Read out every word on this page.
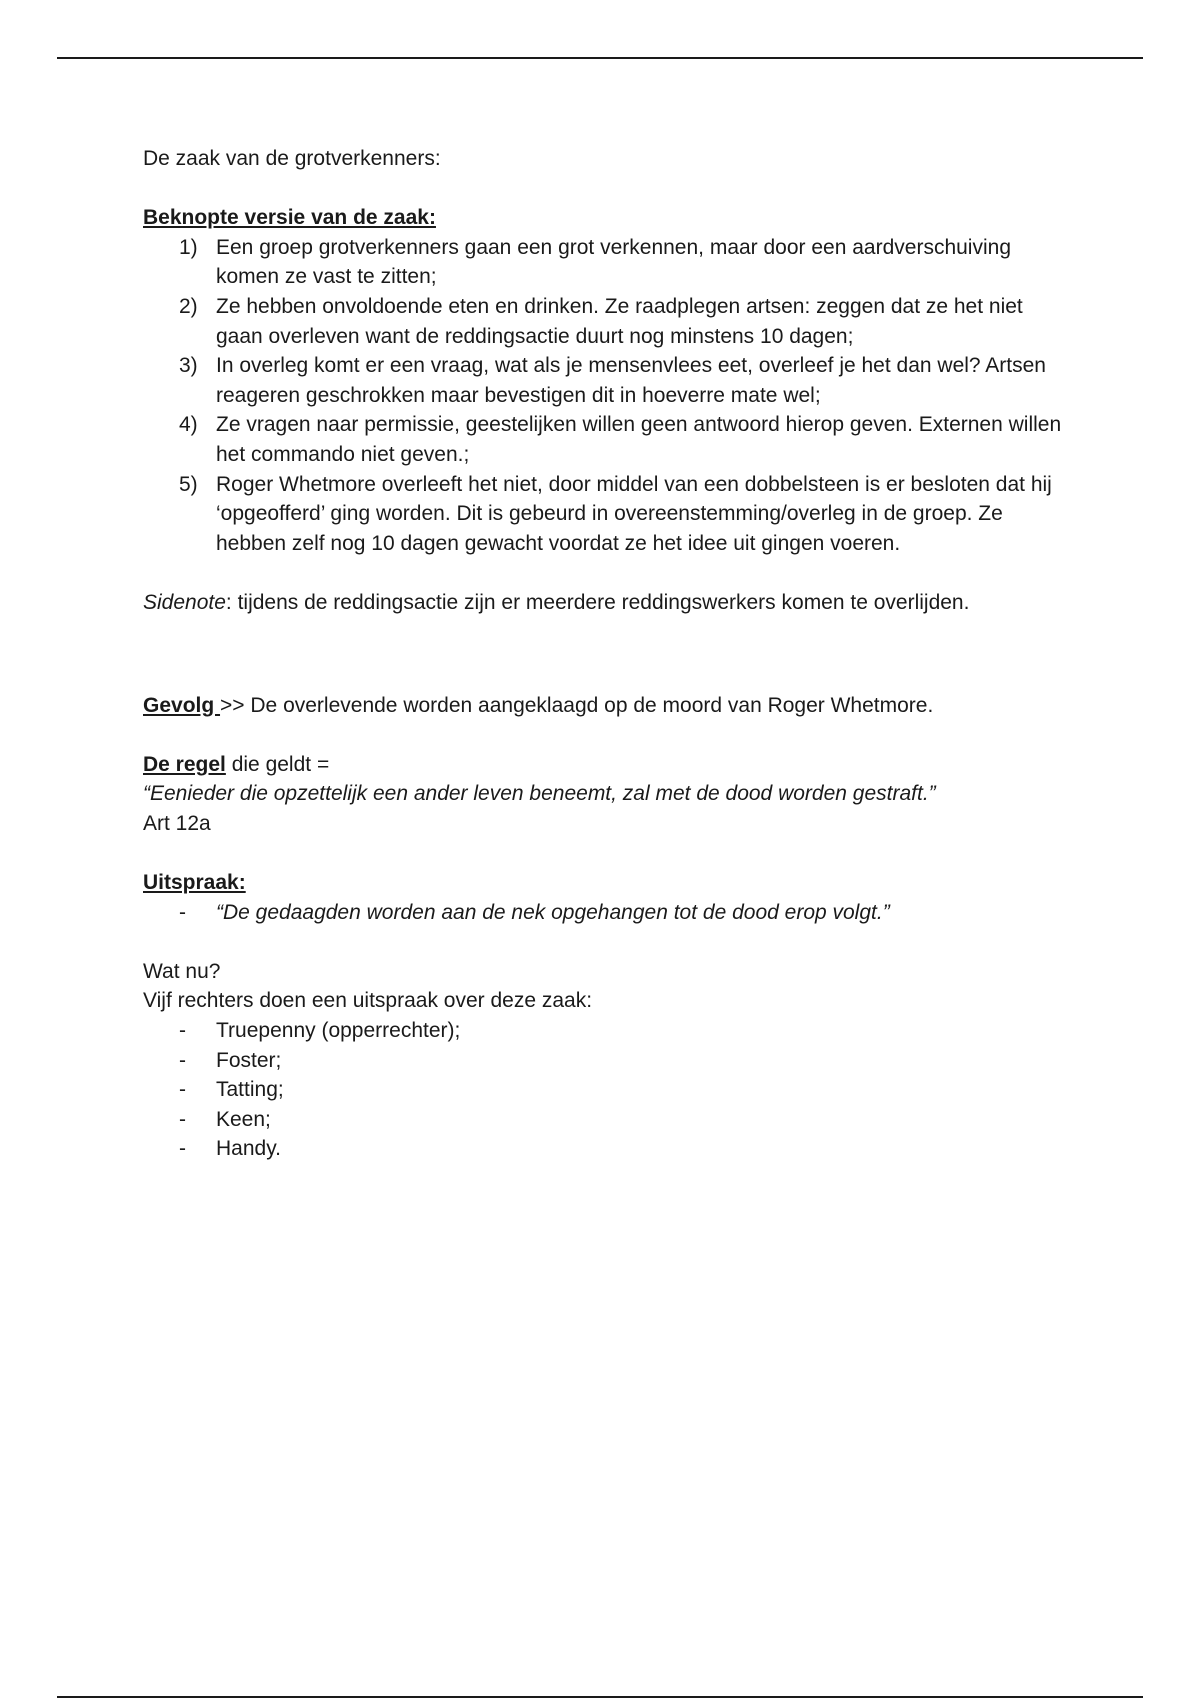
De zaak van de grotverkenners:

Beknopte versie van de zaak:

1) Een groep grotverkenners gaan een grot verkennen, maar door een aardverschuiving komen ze vast te zitten;
2) Ze hebben onvoldoende eten en drinken. Ze raadplegen artsen: zeggen dat ze het niet gaan overleven want de reddingsactie duurt nog minstens 10 dagen;
3) In overleg komt er een vraag, wat als je mensenvlees eet, overleef je het dan wel? Artsen reageren geschrokken maar bevestigen dit in hoeverre mate wel;
4) Ze vragen naar permissie, geestelijken willen geen antwoord hierop geven. Externen willen het commando niet geven.;
5) Roger Whetmore overleeft het niet, door middel van een dobbelsteen is er besloten dat hij ‘opgeofferd’ ging worden. Dit is gebeurd in overeenstemming/overleg in de groep. Ze hebben zelf nog 10 dagen gewacht voordat ze het idee uit gingen voeren.

Sidenote: tijdens de reddingsactie zijn er meerdere reddingswerkers komen te overlijden.

Gevolg >> De overlevende worden aangeklaagd op de moord van Roger Whetmore.

De regel die geldt =

“Eenieder die opzettelijk een ander leven beneemt, zal met de dood worden gestraft.”

Art 12a

Uitspraak:

- “De gedaagden worden aan de nek opgehangen tot de dood erop volgt.”

Wat nu?

Vijf rechters doen een uitspraak over deze zaak:

- Truepenny (opperrechter);
- Foster;
- Tatting;
- Keen;
- Handy.
